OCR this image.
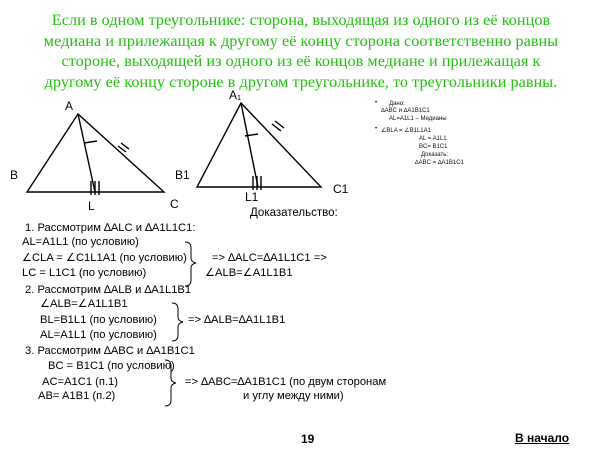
Если в одном треугольнике: сторона, выходящая из одного из её концов
медиана и прилежащая к другому её концу сторона соответственно равны
стороне, выходящей из одного из её концов медиане и прилежащая к
другому её концу стороне в другом треугольнике, то треугольники равны.
A
B
L	C
A₁
B1
L1
C1
• Дано:
∆ABC и ∆A1B1C1
AL=A1L1 – Медианы
• ∠BLA = ∠B1L1A1
AL = A1L1
BC= B1C1
Доказать:
∆ABC = ∆A1B1C1
Доказательство:
1. Рассмотрим ∆ALC и ∆A1L1C1:
AL=A1L1 (по условию)
∠CLA = ∠C1L1A1 (по условию) => ∆ALC=∆A1L1C1 =>
LC = L1C1 (по условию)	∠ALB=∠A1L1B1
2. Рассмотрим ∆ALB и ∆A1L1B1
∠ALB=∠A1L1B1
BL=B1L1 (по условию)	=> ∆ALB=∆A1L1B1
AL=A1L1 (по условию)
3. Рассмотрим ∆ABC и ∆A1B1C1
BC = B1C1 (по условию)
AC=A1C1 (п.1)	=> ∆ABC=∆A1B1C1 (по двум сторонам
AB= A1B1 (п.2)	и углу между ними)
19	В начало
